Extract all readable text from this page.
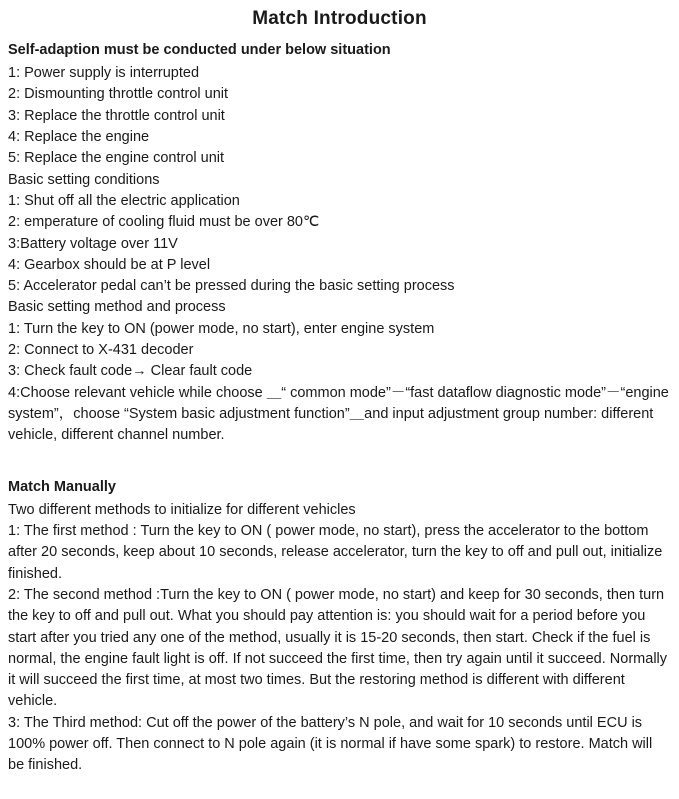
Match Introduction
Self-adaption must be conducted under below situation

1: Power supply is interrupted

2: Dismounting throttle control unit

3: Replace the throttle control unit

4: Replace the engine

5: Replace the engine control unit

Basic setting conditions

1: Shut off all the electric application

2: emperature of cooling fluid must be over 80℃

3:Battery voltage over 11V

4: Gearbox should be at P level

5: Accelerator pedal can’t be pressed during the basic setting process

Basic setting method and process

1: Turn the key to ON (power mode, no start), enter engine system

2: Connect to X-431 decoder

3: Check fault code→ Clear fault code

4:Choose relevant vehicle while choose ＿“ common mode”－“fast dataflow diagnostic mode”－“engine system”，choose “System basic adjustment function”＿and input adjustment group number: different vehicle, different channel number.

Match Manually

Two different methods to initialize for different vehicles

1: The first method : Turn the key to ON ( power mode, no start), press the accelerator to the bottom after 20 seconds, keep about 10 seconds, release accelerator, turn the key to off and pull out, initialize finished.

2: The second method :Turn the key to ON ( power mode, no start) and keep for 30 seconds, then turn the key to off and pull out. What you should pay attention is: you should wait for a period before you start after you tried any one of the method, usually it is 15-20 seconds, then start. Check if the fuel is normal, the engine fault light is off. If not succeed the first time, then try again until it succeed. Normally it will succeed the first time, at most two times. But the restoring method is different with different vehicle.

3: The Third method: Cut off the power of the battery’s N pole, and wait for 10 seconds until ECU is 100% power off. Then connect to N pole again (it is normal if have some spark) to restore. Match will be finished.
